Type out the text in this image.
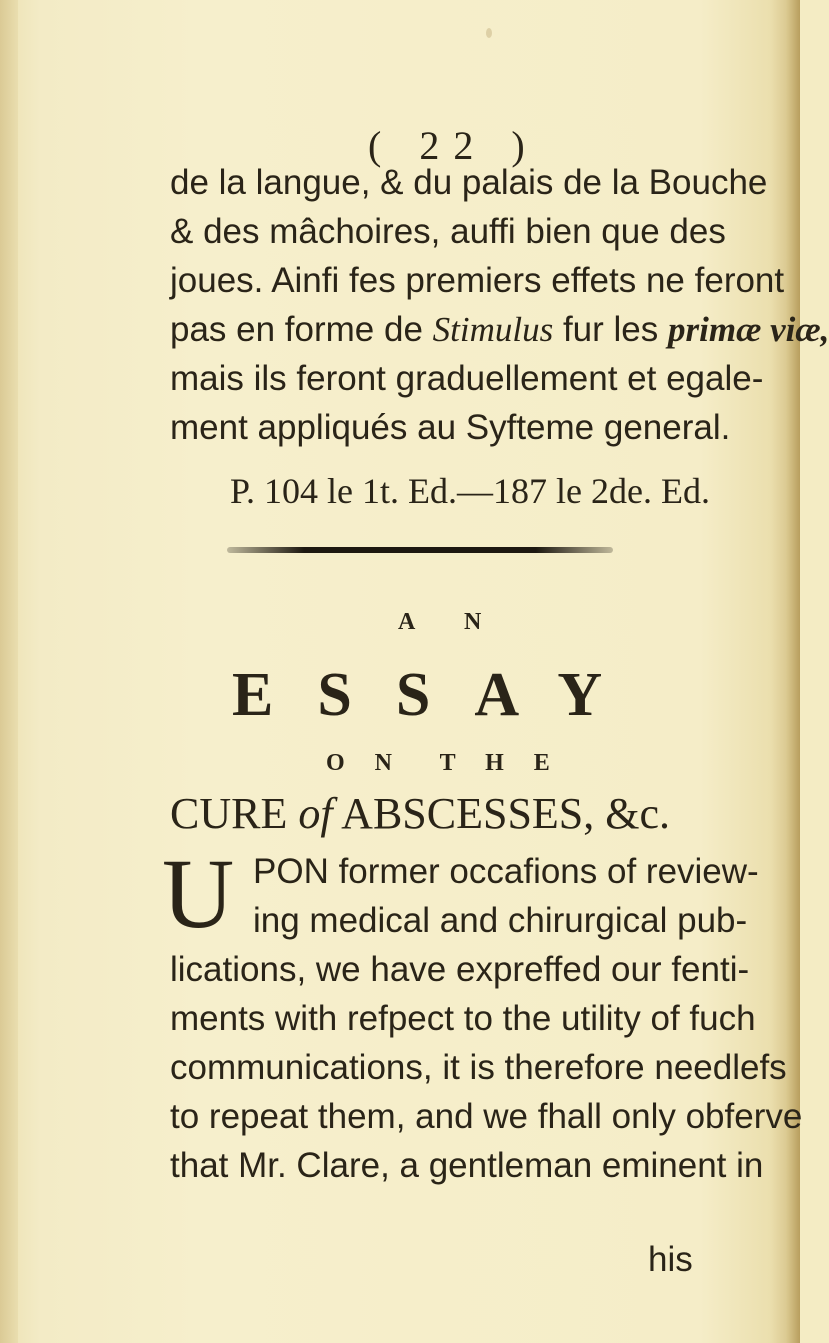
( 22 )
de la langue, & du palais de la Bouche
& des mâchoires, auffi bien que des
joues. Ainfi fes premiers effets ne feront
pas en forme de Stimulus fur les primæ viæ,
mais ils feront graduellement et egale-
ment appliqués au Syfteme general.
P. 104 le 1t. Ed.—187 le 2de. Ed.
A N
ESSAY
O N  T H E
CURE of ABSCESSES, &c.
U PON former occafions of review-
ing medical and chirurgical pub-
lications, we have expreffed our fenti-
ments with refpect to the utility of fuch
communications, it is therefore needlefs
to repeat them, and we fhall only obferve
that Mr. Clare, a gentleman eminent in
his
